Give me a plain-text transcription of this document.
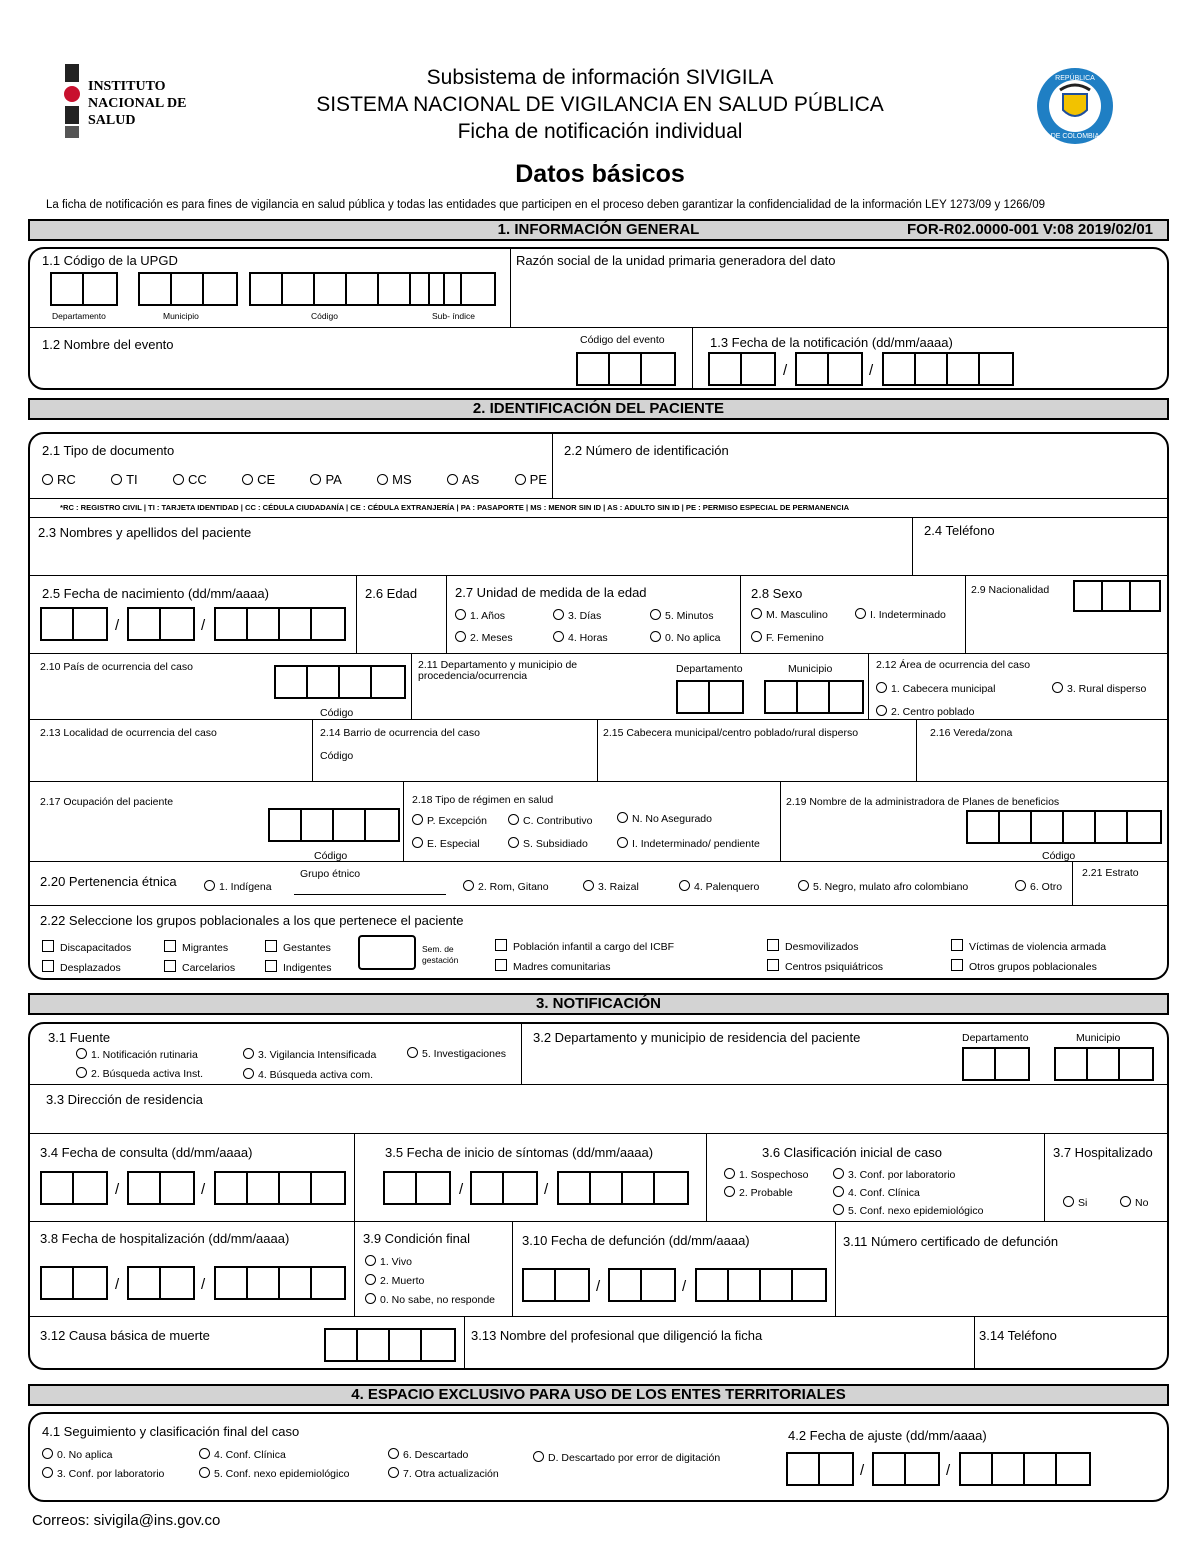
INSTITUTO
NACIONAL DE
SALUD
Subsistema de información SIVIGILA
SISTEMA NACIONAL DE VIGILANCIA EN SALUD PÚBLICA
Ficha de notificación individual
REPÚBLICA
DE COLOMBIA
Datos básicos
La ficha de notificación es para fines de vigilancia en salud pública y todas las entidades que participen en el proceso deben garantizar la confidencialidad de la información LEY 1273/09 y 1266/09
1. INFORMACIÓN GENERAL	FOR-R02.0000-001 V:08 2019/02/01
1.1 Código de la UPGD
Departamento	Municipio	Código	Sub- índice
Razón social de la unidad primaria generadora del dato
1.2 Nombre del evento	Código del evento	1.3 Fecha de la notificación (dd/mm/aaaa)
/	/
2. IDENTIFICACIÓN DEL PACIENTE
2.1 Tipo de documento
RC	TI	CC	CE	PA	MS	AS	PE
2.2 Número de identificación
*RC : REGISTRO CIVIL | TI : TARJETA IDENTIDAD | CC : CÉDULA CIUDADANÍA | CE : CÉDULA EXTRANJERÍA | PA : PASAPORTE | MS : MENOR SIN ID | AS : ADULTO SIN ID | PE : PERMISO ESPECIAL DE PERMANENCIA
2.3 Nombres y apellidos del paciente	2.4 Teléfono
2.5 Fecha de nacimiento (dd/mm/aaaa)
/	/
2.6 Edad	2.7 Unidad de medida de la edad
1. Años	3. Días	5. Minutos
2. Meses	4. Horas	0. No aplica
2.8 Sexo
M. Masculino	I. Indeterminado
F. Femenino
2.9 Nacionalidad
2.10 País de ocurrencia del caso
Código
2.11 Departamento y municipio de procedencia/ocurrencia
Departamento	Municipio	2.12 Área de ocurrencia del caso
1. Cabecera municipal	3. Rural disperso
2. Centro poblado
2.13 Localidad de ocurrencia del caso	2.14 Barrio de ocurrencia del caso
Código
2.15 Cabecera municipal/centro poblado/rural disperso	2.16 Vereda/zona
2.17 Ocupación del paciente
Código
2.18 Tipo de régimen en salud
P. Excepción	C. Contributivo	N. No Asegurado
E. Especial	S. Subsidiado	I. Indeterminado/ pendiente
2.19 Nombre de la administradora de Planes de beneficios
Código
2.20 Pertenencia étnica	1. Indígena
Grupo étnico
2. Rom, Gitano	3. Raizal	4. Palenquero	5. Negro, mulato afro colombiano	6. Otro
2.21 Estrato
2.22 Seleccione los grupos poblacionales a los que pertenece el paciente
Discapacitados	Migrantes	Gestantes
Desplazados	Carcelarios	Indigentes
Sem. de gestación
Población infantil a cargo del ICBF
Madres comunitarias
Desmovilizados
Centros psiquiátricos
Víctimas de violencia armada
Otros grupos poblacionales
3. NOTIFICACIÓN
3.1 Fuente
1. Notificación rutinaria	3. Vigilancia Intensificada	5. Investigaciones
2. Búsqueda activa Inst.	4. Búsqueda activa com.
3.2 Departamento y municipio de residencia del paciente	Departamento	Municipio
3.3 Dirección de residencia
3.4 Fecha de consulta (dd/mm/aaaa)
/	/
3.5 Fecha de inicio de síntomas (dd/mm/aaaa)
/	/
3.6 Clasificación inicial de caso
1. Sospechoso	3. Conf. por laboratorio
2. Probable	4. Conf. Clínica
5. Conf. nexo epidemiológico
3.7 Hospitalizado
Si	No
3.8 Fecha de hospitalización (dd/mm/aaaa)
/	/
3.9 Condición final
1. Vivo
2. Muerto
0. No sabe, no responde
3.10 Fecha de defunción (dd/mm/aaaa)
/	/
3.11 Número certificado de defunción
3.12 Causa básica de muerte	3.13 Nombre del profesional que diligenció la ficha	3.14 Teléfono
4. ESPACIO EXCLUSIVO PARA USO DE LOS ENTES TERRITORIALES
4.1 Seguimiento y clasificación final del caso
0. No aplica	4. Conf. Clínica	6. Descartado	D. Descartado por error de digitación
3. Conf. por laboratorio	5. Conf. nexo epidemiológico	7. Otra actualización
4.2 Fecha de ajuste (dd/mm/aaaa)
/	/
Correos: sivigila@ins.gov.co
